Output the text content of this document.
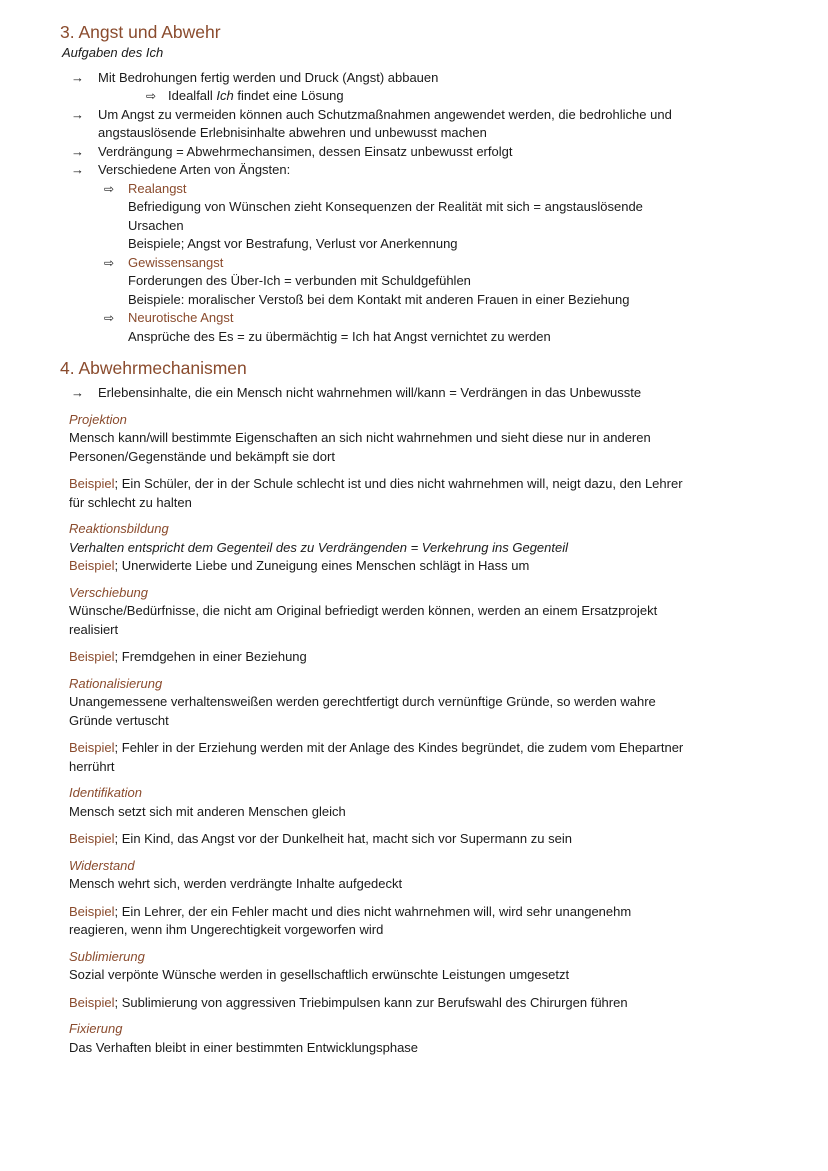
3. Angst und Abwehr
Aufgaben des Ich
→ Mit Bedrohungen fertig werden und Druck (Angst) abbauen
⇨ Idealfall Ich findet eine Lösung
→ Um Angst zu vermeiden können auch Schutzmaßnahmen angewendet werden, die bedrohliche und
angstauslösende Erlebnisinhalte abwehren und unbewusst machen
→ Verdrängung = Abwehrmechansimen, dessen Einsatz unbewusst erfolgt
→ Verschiedene Arten von Ängsten:
⇨ Realangst
Befriedigung von Wünschen zieht Konsequenzen der Realität mit sich = angstauslösende
Ursachen
Beispiele; Angst vor Bestrafung, Verlust vor Anerkennung
⇨ Gewissensangst
Forderungen des Über-Ich = verbunden mit Schuldgefühlen
Beispiele: moralischer Verstoß bei dem Kontakt mit anderen Frauen in einer Beziehung
⇨ Neurotische Angst
Ansprüche des Es = zu übermächtig = Ich hat Angst vernichtet zu werden
4. Abwehrmechanismen
→ Erlebensinhalte, die ein Mensch nicht wahrnehmen will/kann = Verdrängen in das Unbewusste
Projektion
Mensch kann/will bestimmte Eigenschaften an sich nicht wahrnehmen und sieht diese nur in anderen
Personen/Gegenstände und bekämpft sie dort
Beispiel; Ein Schüler, der in der Schule schlecht ist und dies nicht wahrnehmen will, neigt dazu, den Lehrer
für schlecht zu halten
Reaktionsbildung
Verhalten entspricht dem Gegenteil des zu Verdrängenden = Verkehrung ins Gegenteil
Beispiel; Unerwiderte Liebe und Zuneigung eines Menschen schlägt in Hass um
Verschiebung
Wünsche/Bedürfnisse, die nicht am Original befriedigt werden können, werden an einem Ersatzprojekt
realisiert
Beispiel; Fremdgehen in einer Beziehung
Rationalisierung
Unangemessene verhaltensweißen werden gerechtfertigt durch vernünftige Gründe, so werden wahre
Gründe vertuscht
Beispiel; Fehler in der Erziehung werden mit der Anlage des Kindes begründet, die zudem vom Ehepartner
herrührt
Identifikation
Mensch setzt sich mit anderen Menschen gleich
Beispiel; Ein Kind, das Angst vor der Dunkelheit hat, macht sich vor Supermann zu sein
Widerstand
Mensch wehrt sich, werden verdrängte Inhalte aufgedeckt
Beispiel; Ein Lehrer, der ein Fehler macht und dies nicht wahrnehmen will, wird sehr unangenehm
reagieren, wenn ihm Ungerechtigkeit vorgeworfen wird
Sublimierung
Sozial verpönte Wünsche werden in gesellschaftlich erwünschte Leistungen umgesetzt
Beispiel; Sublimierung von aggressiven Triebimpulsen kann zur Berufswahl des Chirurgen führen
Fixierung
Das Verhaften bleibt in einer bestimmten Entwicklungsphase
